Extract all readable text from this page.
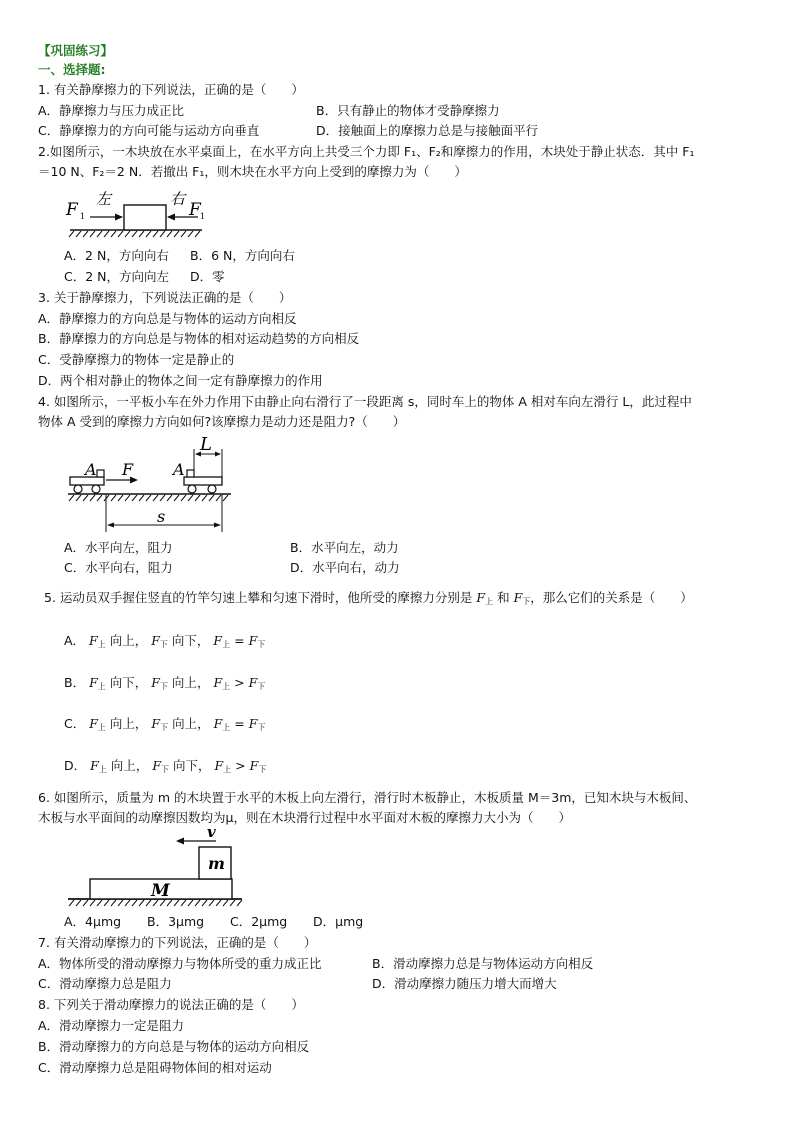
【巩固练习】
一、选择题:
1. 有关静摩擦力的下列说法，正确的是（　　）
A．静摩擦力与压力成正比	B．只有静止的物体才受静摩擦力
C．静摩擦力的方向可能与运动方向垂直	D．接触面上的摩擦力总是与接触面平行
2.如图所示，一木块放在水平桌面上，在水平方向上共受三个力即 F₁、F₂和摩擦力的作用，木块处于静止状态．其中 F₁
＝10 N、F₂＝2 N．若撤出 F₁，则木块在水平方向上受到的摩擦力为（　　）
F 1
左	右
F 1
A．2 N，方向向右 B．6 N，方向向右
C．2 N，方向向左 D．零
3. 关于静摩擦力，下列说法正确的是（　　）
A．静摩擦力的方向总是与物体的运动方向相反
B．静摩擦力的方向总是与物体的相对运动趋势的方向相反
C．受静摩擦力的物体一定是静止的
D．两个相对静止的物体之间一定有静摩擦力的作用
4. 如图所示，一平板小车在外力作用下由静止向右滑行了一段距离 s，同时车上的物体 A 相对车向左滑行 L，此过程中
物体 A 受到的摩擦力方向如何?该摩擦力是动力还是阻力?（　　）
A F A
L
s
A．水平向左，阻力	B．水平向左，动力
C．水平向右，阻力	D．水平向右，动力
5. 运动员双手握住竖直的竹竿匀速上攀和匀速下滑时，他所受的摩擦力分别是 $F_上$ 和 $F_下$，那么它们的关系是（　　）
A． $F_上$ 向上， $F_下$ 向下， $F_上 = F_下$
B． $F_上$ 向下， $F_下$ 向上， $F_上 > F_下$
C． $F_上$ 向上， $F_下$ 向上， $F_上 = F_下$
D． $F_上$ 向上， $F_下$ 向下， $F_上 > F_下$
6. 如图所示，质量为 m 的木块置于水平的木板上向左滑行，滑行时木板静止，木板质量 M＝3m，已知木块与木板间、
木板与水平面间的动摩擦因数均为μ，则在木块滑行过程中水平面对木板的摩擦力大小为（　　）
M
m
v
A．4μmg B．3μmg C．2μmg D．μmg
7. 有关滑动摩擦力的下列说法，正确的是（　　）
A．物体所受的滑动摩擦力与物体所受的重力成正比	B．滑动摩擦力总是与物体运动方向相反
C．滑动摩擦力总是阻力	D．滑动摩擦力随压力增大而增大
8. 下列关于滑动摩擦力的说法正确的是（　　）
A．滑动摩擦力一定是阻力
B．滑动摩擦力的方向总是与物体的运动方向相反
C．滑动摩擦力总是阻碍物体间的相对运动
